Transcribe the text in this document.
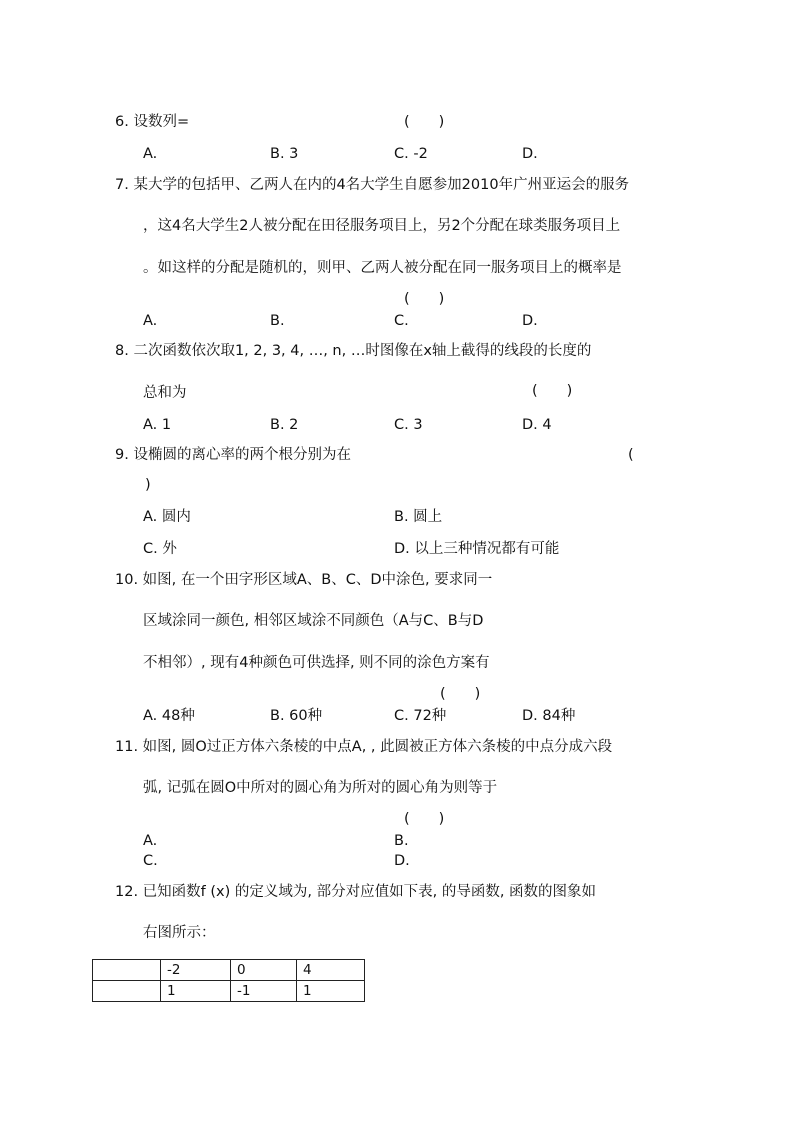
6. 设数列=	(　　)
A.	B. 3	C. -2	D.
7. 某大学的包括甲、乙两人在内的4名大学生自愿参加2010年广州亚运会的服务
，这4名大学生2人被分配在田径服务项目上，另2个分配在球类服务项目上
。如这样的分配是随机的，则甲、乙两人被分配在同一服务项目上的概率是
(　　)
A.	B.	C.	D.
8. 二次函数依次取1, 2, 3, 4, …, n, …时图像在x轴上截得的线段的长度的
总和为	(　　)
A. 1	B. 2	C. 3	D. 4
9. 设椭圆的离心率的两个根分别为在	(
)
A. 圆内	B. 圆上
C. 外	D. 以上三种情况都有可能
10. 如图, 在一个田字形区域A、B、C、D中涂色, 要求同一
区域涂同一颜色, 相邻区域涂不同颜色（A与C、B与D
不相邻）, 现有4种颜色可供选择, 则不同的涂色方案有
(　　)
A. 48种	B. 60种	C. 72种	D. 84种
11. 如图, 圆O过正方体六条棱的中点A, , 此圆被正方体六条棱的中点分成六段
弧, 记弧在圆O中所对的圆心角为所对的圆心角为则等于
(　　)
A.	B.
C.	D.
12. 已知函数f (x) 的定义域为, 部分对应值如下表, 的导函数, 函数的图象如
右图所示：
	-2	0	4
	1	-1	1
